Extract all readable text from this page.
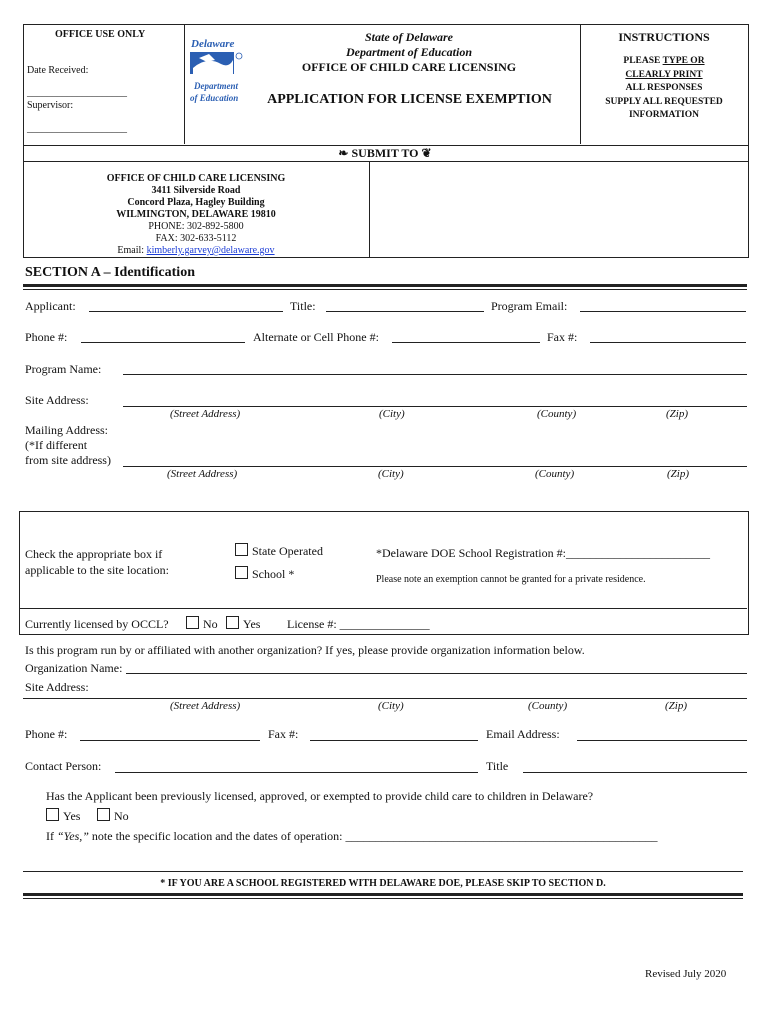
OFFICE USE ONLY
Date Received:
____________________
Supervisor:
____________________
Delaware
Department
of Education
State of Delaware
Department of Education
OFFICE OF CHILD CARE LICENSING
APPLICATION FOR LICENSE EXEMPTION
INSTRUCTIONS
PLEASE TYPE OR
CLEARLY PRINT
ALL RESPONSES
SUPPLY ALL REQUESTED
INFORMATION
❧ SUBMIT TO ❦
OFFICE OF CHILD CARE LICENSING
3411 Silverside Road
Concord Plaza, Hagley Building
WILMINGTON, DELAWARE 19810
PHONE: 302-892-5800
FAX: 302-633-5112
Email: kimberly.garvey@delaware.gov
SECTION A – Identification
Applicant:	Title:	Program Email:
Phone #:	Alternate or Cell Phone #:	Fax #:
Program Name:
Site Address:
(Street Address)	(City)	(County)	(Zip)
Mailing Address:
(*If different
from site address)
(Street Address)	(City)	(County)	(Zip)
Check the appropriate box if
applicable to the site location:
State Operated
School *
*Delaware DOE School Registration #:________________________
Please note an exemption cannot be granted for a private residence.
Currently licensed by OCCL?	No	Yes License #: _______________
Is this program run by or affiliated with another organization? If yes, please provide organization information below.
Organization Name:
Site Address:
(Street Address)	(City)	(County)	(Zip)
Phone #:	Fax #:	Email Address:
Contact Person:	Title
Has the Applicant been previously licensed, approved, or exempted to provide child care to children in Delaware?
Yes	No
If “Yes,” note the specific location and the dates of operation: ____________________________________________________
* IF YOU ARE A SCHOOL REGISTERED WITH DELAWARE DOE, PLEASE SKIP TO SECTION D.
Revised July 2020
